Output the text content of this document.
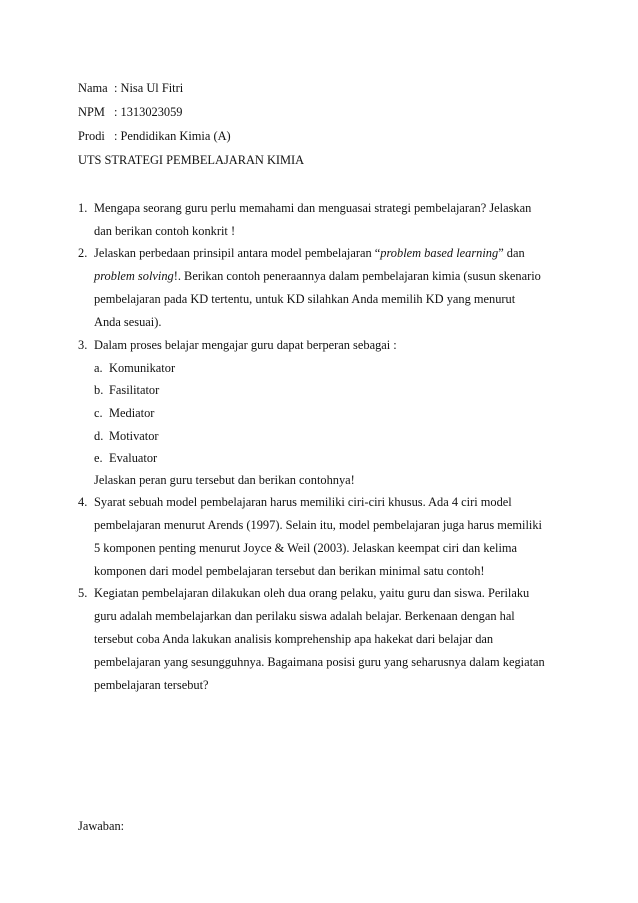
Nama : Nisa Ul Fitri
NPM : 1313023059
Prodi : Pendidikan Kimia (A)
UTS STRATEGI PEMBELAJARAN KIMIA
1. Mengapa seorang guru perlu memahami dan menguasai strategi pembelajaran? Jelaskan
dan berikan contoh konkrit !
2. Jelaskan perbedaan prinsipil antara model pembelajaran “problem based learning” dan
problem solving!. Berikan contoh peneraannya dalam pembelajaran kimia (susun skenario
pembelajaran pada KD tertentu, untuk KD silahkan Anda memilih KD yang menurut
Anda sesuai).
3. Dalam proses belajar mengajar guru dapat berperan sebagai :
a. Komunikator
b. Fasilitator
c. Mediator
d. Motivator
e. Evaluator
Jelaskan peran guru tersebut dan berikan contohnya!
4. Syarat sebuah model pembelajaran harus memiliki ciri-ciri khusus. Ada 4 ciri model
pembelajaran menurut Arends (1997). Selain itu, model pembelajaran juga harus memiliki
5 komponen penting menurut Joyce & Weil (2003). Jelaskan keempat ciri dan kelima
komponen dari model pembelajaran tersebut dan berikan minimal satu contoh!
5. Kegiatan pembelajaran dilakukan oleh dua orang pelaku, yaitu guru dan siswa. Perilaku
guru adalah membelajarkan dan perilaku siswa adalah belajar. Berkenaan dengan hal
tersebut coba Anda lakukan analisis komprehenship apa hakekat dari belajar dan
pembelajaran yang sesungguhnya. Bagaimana posisi guru yang seharusnya dalam kegiatan
pembelajaran tersebut?
Jawaban:
